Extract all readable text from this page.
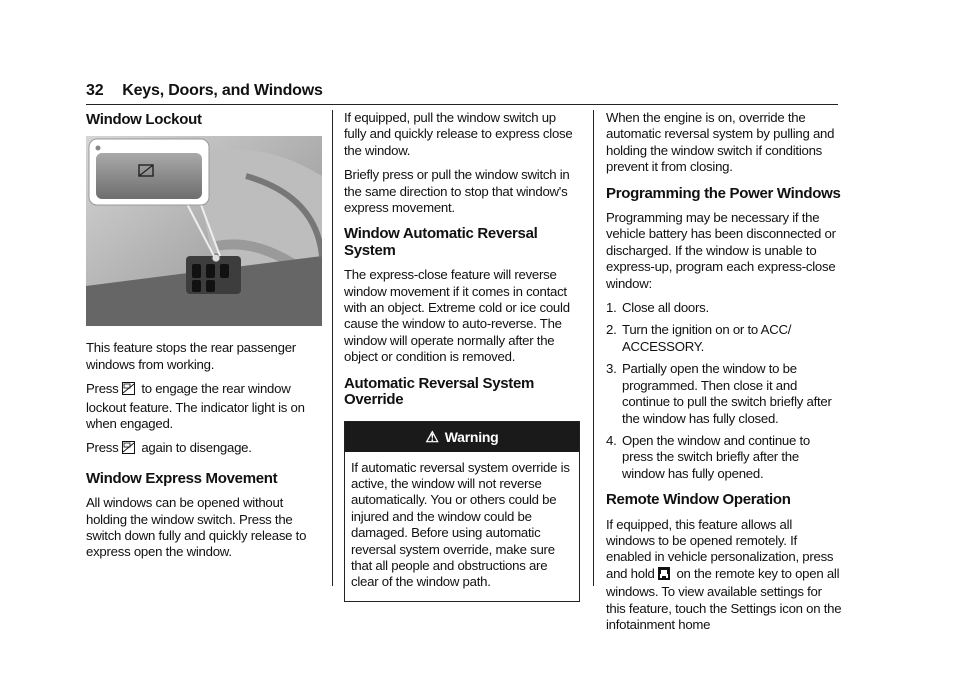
32 Keys, Doors, and Windows
Window Lockout

This feature stops the rear passenger windows from working.

Press to engage the rear window lockout feature. The indicator light is on when engaged.

Press again to disengage.

Window Express Movement

All windows can be opened without holding the window switch. Press the switch down fully and quickly release to express open the window.

If equipped, pull the window switch up fully and quickly release to express close the window.

Briefly press or pull the window switch in the same direction to stop that window's express movement.

Window Automatic Reversal System

The express-close feature will reverse window movement if it comes in contact with an object. Extreme cold or ice could cause the window to auto-reverse. The window will operate normally after the object or condition is removed.

Automatic Reversal System Override
⚠ Warning
If automatic reversal system override is active, the window will not reverse automatically. You or others could be injured and the window could be damaged. Before using automatic reversal system override, make sure that all people and obstructions are clear of the window path.

When the engine is on, override the automatic reversal system by pulling and holding the window switch if conditions prevent it from closing.

Programming the Power Windows

Programming may be necessary if the vehicle battery has been disconnected or discharged. If the window is unable to express-up, program each express-close window:

1. Close all doors.
2. Turn the ignition on or to ACC/ ACCESSORY.
3. Partially open the window to be programmed. Then close it and continue to pull the switch briefly after the window has fully closed.
4. Open the window and continue to press the switch briefly after the window has fully opened.
Remote Window Operation

If equipped, this feature allows all windows to be opened remotely. If enabled in vehicle personalization, press and hold on the remote key to open all windows. To view available settings for this feature, touch the Settings icon on the infotainment home
